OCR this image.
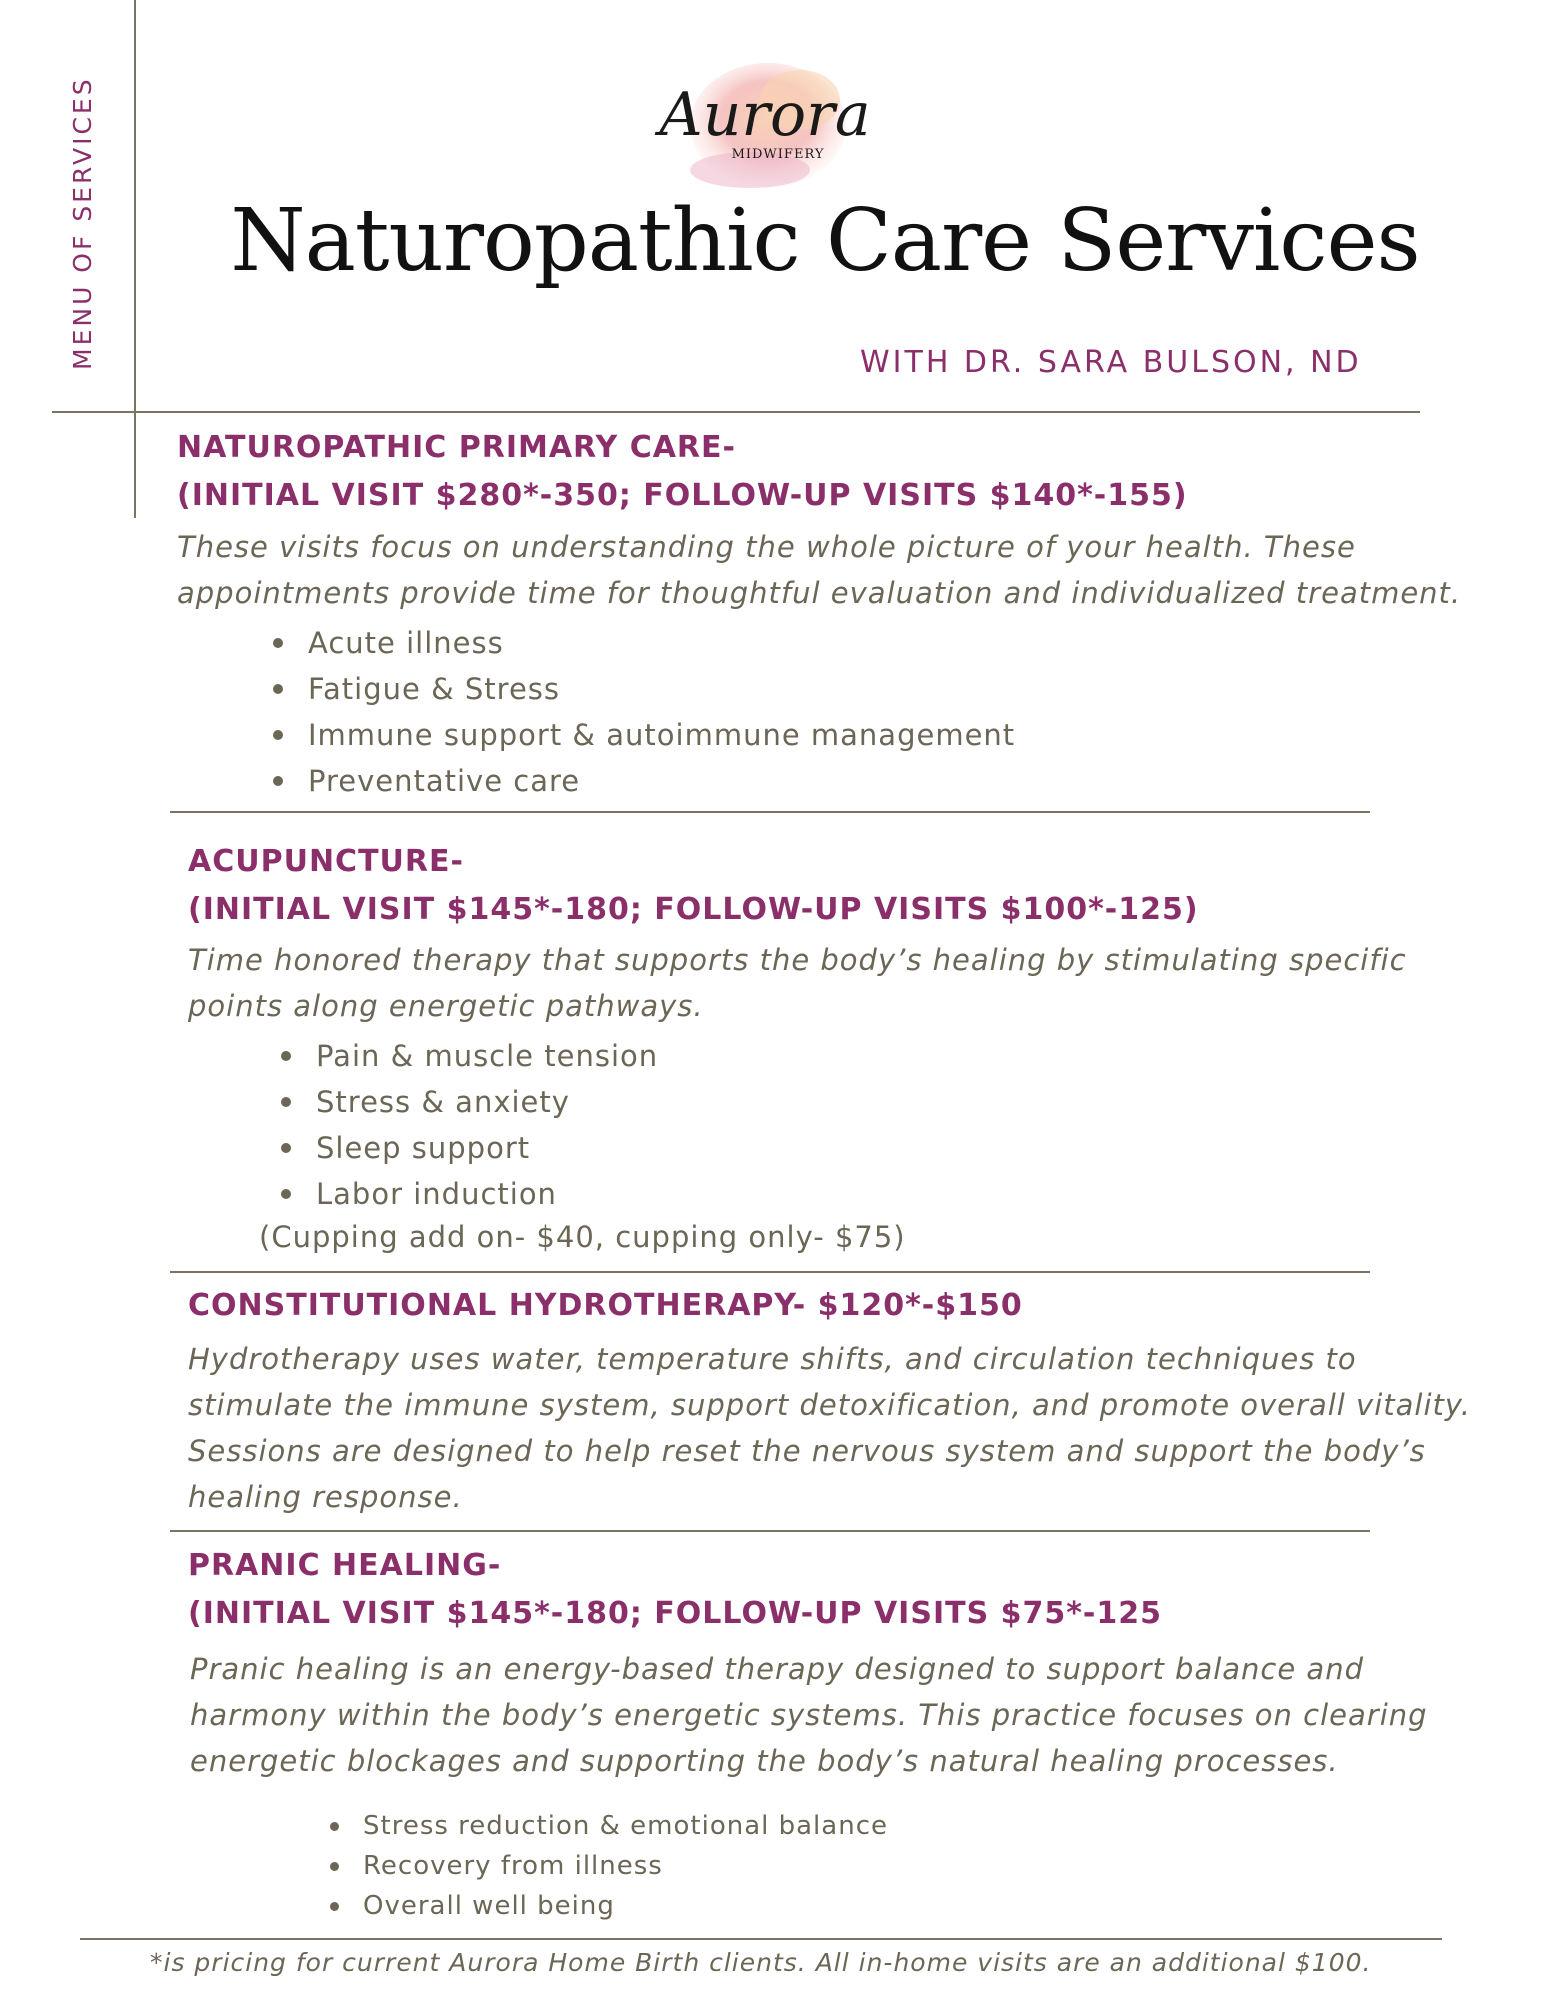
MENU OF SERVICES	Aurora
MIDWIFERY
Naturopathic Care Services
WITH DR. SARA BULSON, ND
NATUROPATHIC PRIMARY CARE-
(INITIAL VISIT $280*-350; FOLLOW-UP VISITS $140*-155)
These visits focus on understanding the whole picture of your health. These
appointments provide time for thoughtful evaluation and individualized treatment.
Acute illness
Fatigue & Stress
Immune support & autoimmune management
Preventative care
ACUPUNCTURE-
(INITIAL VISIT $145*-180; FOLLOW-UP VISITS $100*-125)
Time honored therapy that supports the body’s healing by stimulating specific
points along energetic pathways.
Pain & muscle tension
Stress & anxiety
Sleep support
Labor induction
(Cupping add on- $40, cupping only- $75)
CONSTITUTIONAL HYDROTHERAPY- $120*-$150
Hydrotherapy uses water, temperature shifts, and circulation techniques to
stimulate the immune system, support detoxification, and promote overall vitality.
Sessions are designed to help reset the nervous system and support the body’s
healing response.
PRANIC HEALING-
(INITIAL VISIT $145*-180; FOLLOW-UP VISITS $75*-125
Pranic healing is an energy-based therapy designed to support balance and
harmony within the body’s energetic systems. This practice focuses on clearing
energetic blockages and supporting the body’s natural healing processes.
Stress reduction & emotional balance
Recovery from illness
Overall well being

*is pricing for current Aurora Home Birth clients. All in-home visits are an additional $100.
